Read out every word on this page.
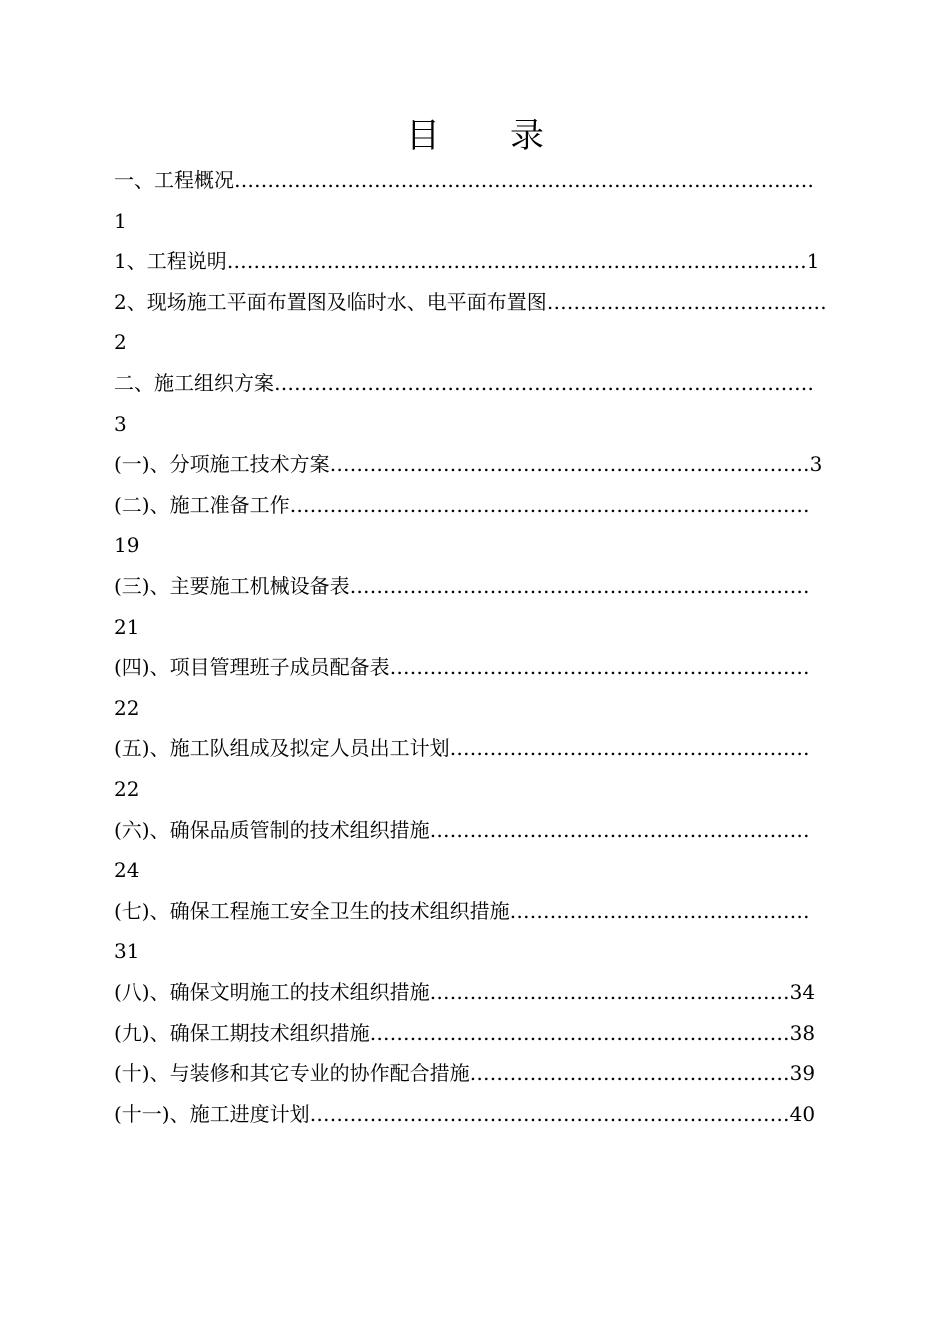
目 录
一、工程概况……………………………………………………………………………
1
1、工程说明……………………………………………………………………………1
2、现场施工平面布置图及临时水、电平面布置图……………………………………
2
二、施工组织方案………………………………………………………………………
3
(一)、分项施工技术方案………………………………………………………………3
(二)、施工准备工作……………………………………………………………………
19
(三)、主要施工机械设备表……………………………………………………………
21
(四)、项目管理班子成员配备表………………………………………………………
22
(五)、施工队组成及拟定人员出工计划………………………………………………
22
(六)、确保品质管制的技术组织措施…………………………………………………
24
(七)、确保工程施工安全卫生的技术组织措施………………………………………
31
(八)、确保文明施工的技术组织措施………………………………………………34
(九)、确保工期技术组织措施………………………………………………………38
(十)、与装修和其它专业的协作配合措施…………………………………………39
(十一)、施工进度计划………………………………………………………………40
